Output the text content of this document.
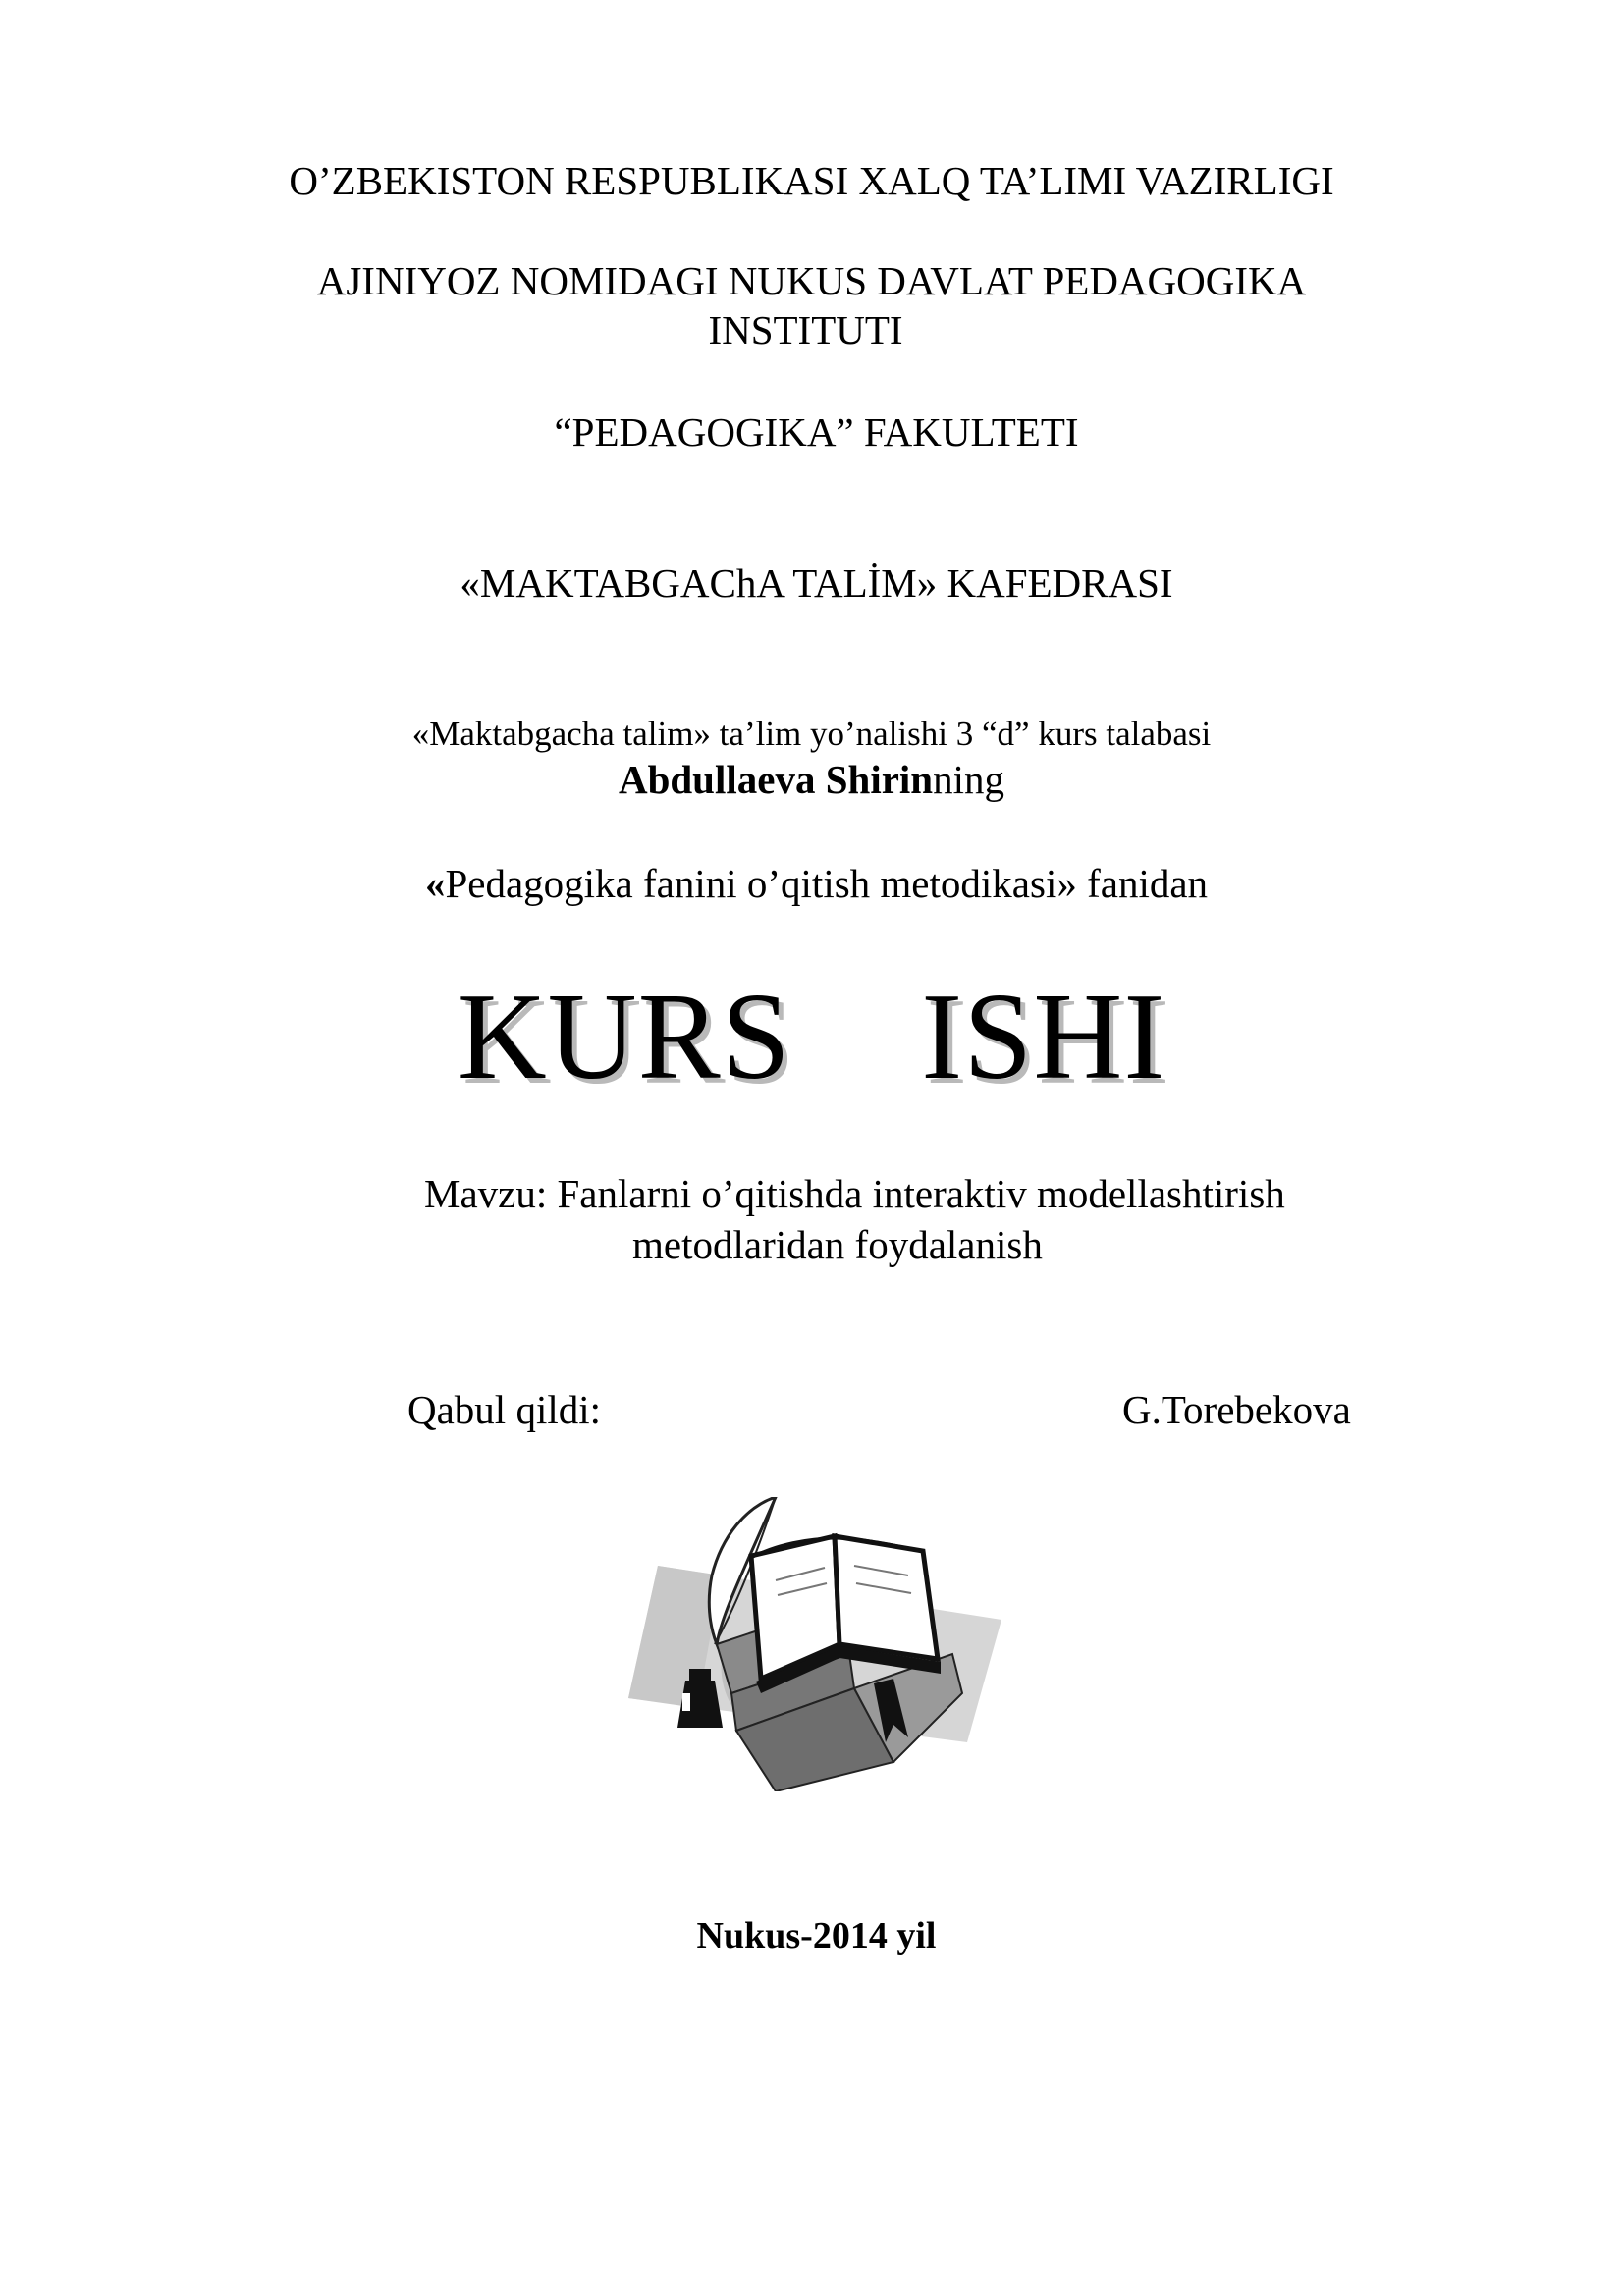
O’ZBEKISTON RESPUBLIKASI XALQ TA’LIMI VAZIRLIGI
AJINIYOZ NOMIDAGI NUKUS DAVLAT PEDAGOGIKA
INSTITUTI
“PEDAGOGIKA” FAKULTETI
«MAKTABGAChA TALİM» KAFEDRASI
«Maktabgacha talim» ta’lim yo’nalishi 3 “d” kurs talabasi
Abdullaeva Shirinning
«Pedagogika fanini o’qitish metodikasi» fanidan
KURS ISHI
Mavzu: Fanlarni o’qitishda interaktiv modellashtirish
metodlaridan foydalanish
Qabul qildi:	G.Torebekova
Nukus-2014 yil
